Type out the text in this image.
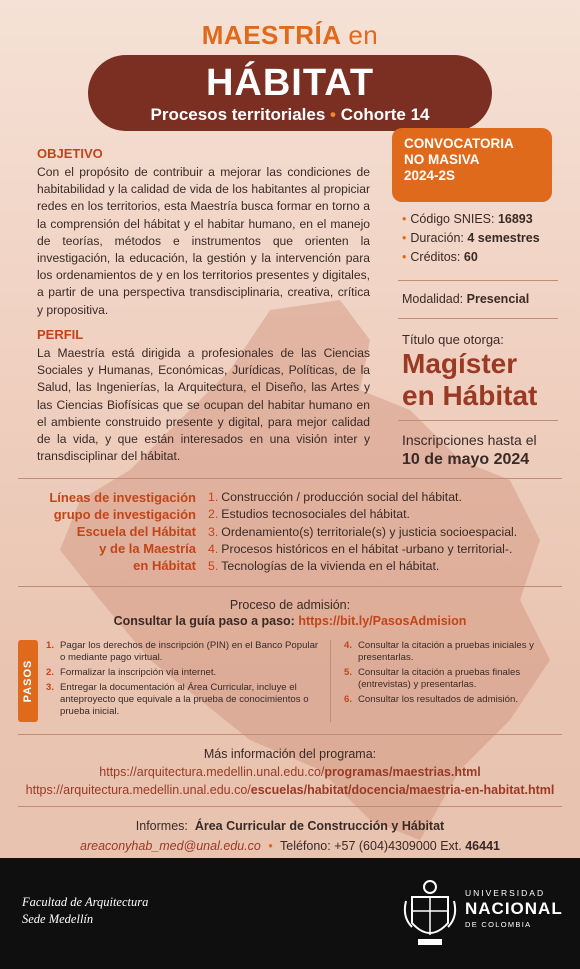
MAESTRÍA en
HÁBITAT
Procesos territoriales • Cohorte 14
OBJETIVO
Con el propósito de contribuir a mejorar las condiciones de habitabilidad y la calidad de vida de los habitantes al propiciar redes en los territorios, esta Maestría busca formar en torno a la comprensión del hábitat y el habitar humano, en el manejo de teorías, métodos e instrumentos que orienten la investigación, la educación, la gestión y la intervención para los ordenamientos de y en los territorios presentes y digitales, a partir de una perspectiva transdisciplinaria, creativa, crítica y propositiva.
PERFIL
La Maestría está dirigida a profesionales de las Ciencias Sociales y Humanas, Económicas, Jurídicas, Políticas, de la Salud, las Ingenierías, la Arquitectura, el Diseño, las Artes y las Ciencias Biofísicas que se ocupan del habitar humano en el ambiente construido presente y digital, para mejor calidad de la vida, y que están interesados en una visión inter y transdisciplinar del hábitat.
CONVOCATORIA
NO MASIVA
2024-2S
• Código SNIES: 16893
• Duración: 4 semestres
• Créditos: 60
Modalidad: Presencial
Título que otorga:
Magíster
en Hábitat
Inscripciones hasta el
10 de mayo 2024
Líneas de investigación
grupo de investigación
Escuela del Hábitat
y de la Maestría
en Hábitat
1. Construcción / producción social del hábitat.
2. Estudios tecnosociales del hábitat.
3. Ordenamiento(s) territoriale(s) y justicia socioespacial.
4. Procesos históricos en el hábitat -urbano y territorial-.
5. Tecnologías de la vivienda en el hábitat.
Proceso de admisión:
Consultar la guía paso a paso: https://bit.ly/PasosAdmision
PASOS
1. Pagar los derechos de inscripción (PIN) en el Banco Popular o mediante pago virtual.
2. Formalizar la inscripción vía internet.
3. Entregar la documentación al Área Curricular, incluye el anteproyecto que equivale a la prueba de conocimientos o prueba inicial.
4. Consultar la citación a pruebas iniciales y presentarlas.
5. Consultar la citación a pruebas finales (entrevistas) y presentarlas.
6. Consultar los resultados de admisión.
Más información del programa:
https://arquitectura.medellin.unal.edu.co/programas/maestrias.html
https://arquitectura.medellin.unal.edu.co/escuelas/habitat/docencia/maestria-en-habitat.html
Informes: Área Curricular de Construcción y Hábitat
areaconyhab_med@unal.edu.co • Teléfono: +57 (604)4309000 Ext. 46441
Facultad de Arquitectura
Sede Medellín
UNIVERSIDAD
NACIONAL
DE COLOMBIA
